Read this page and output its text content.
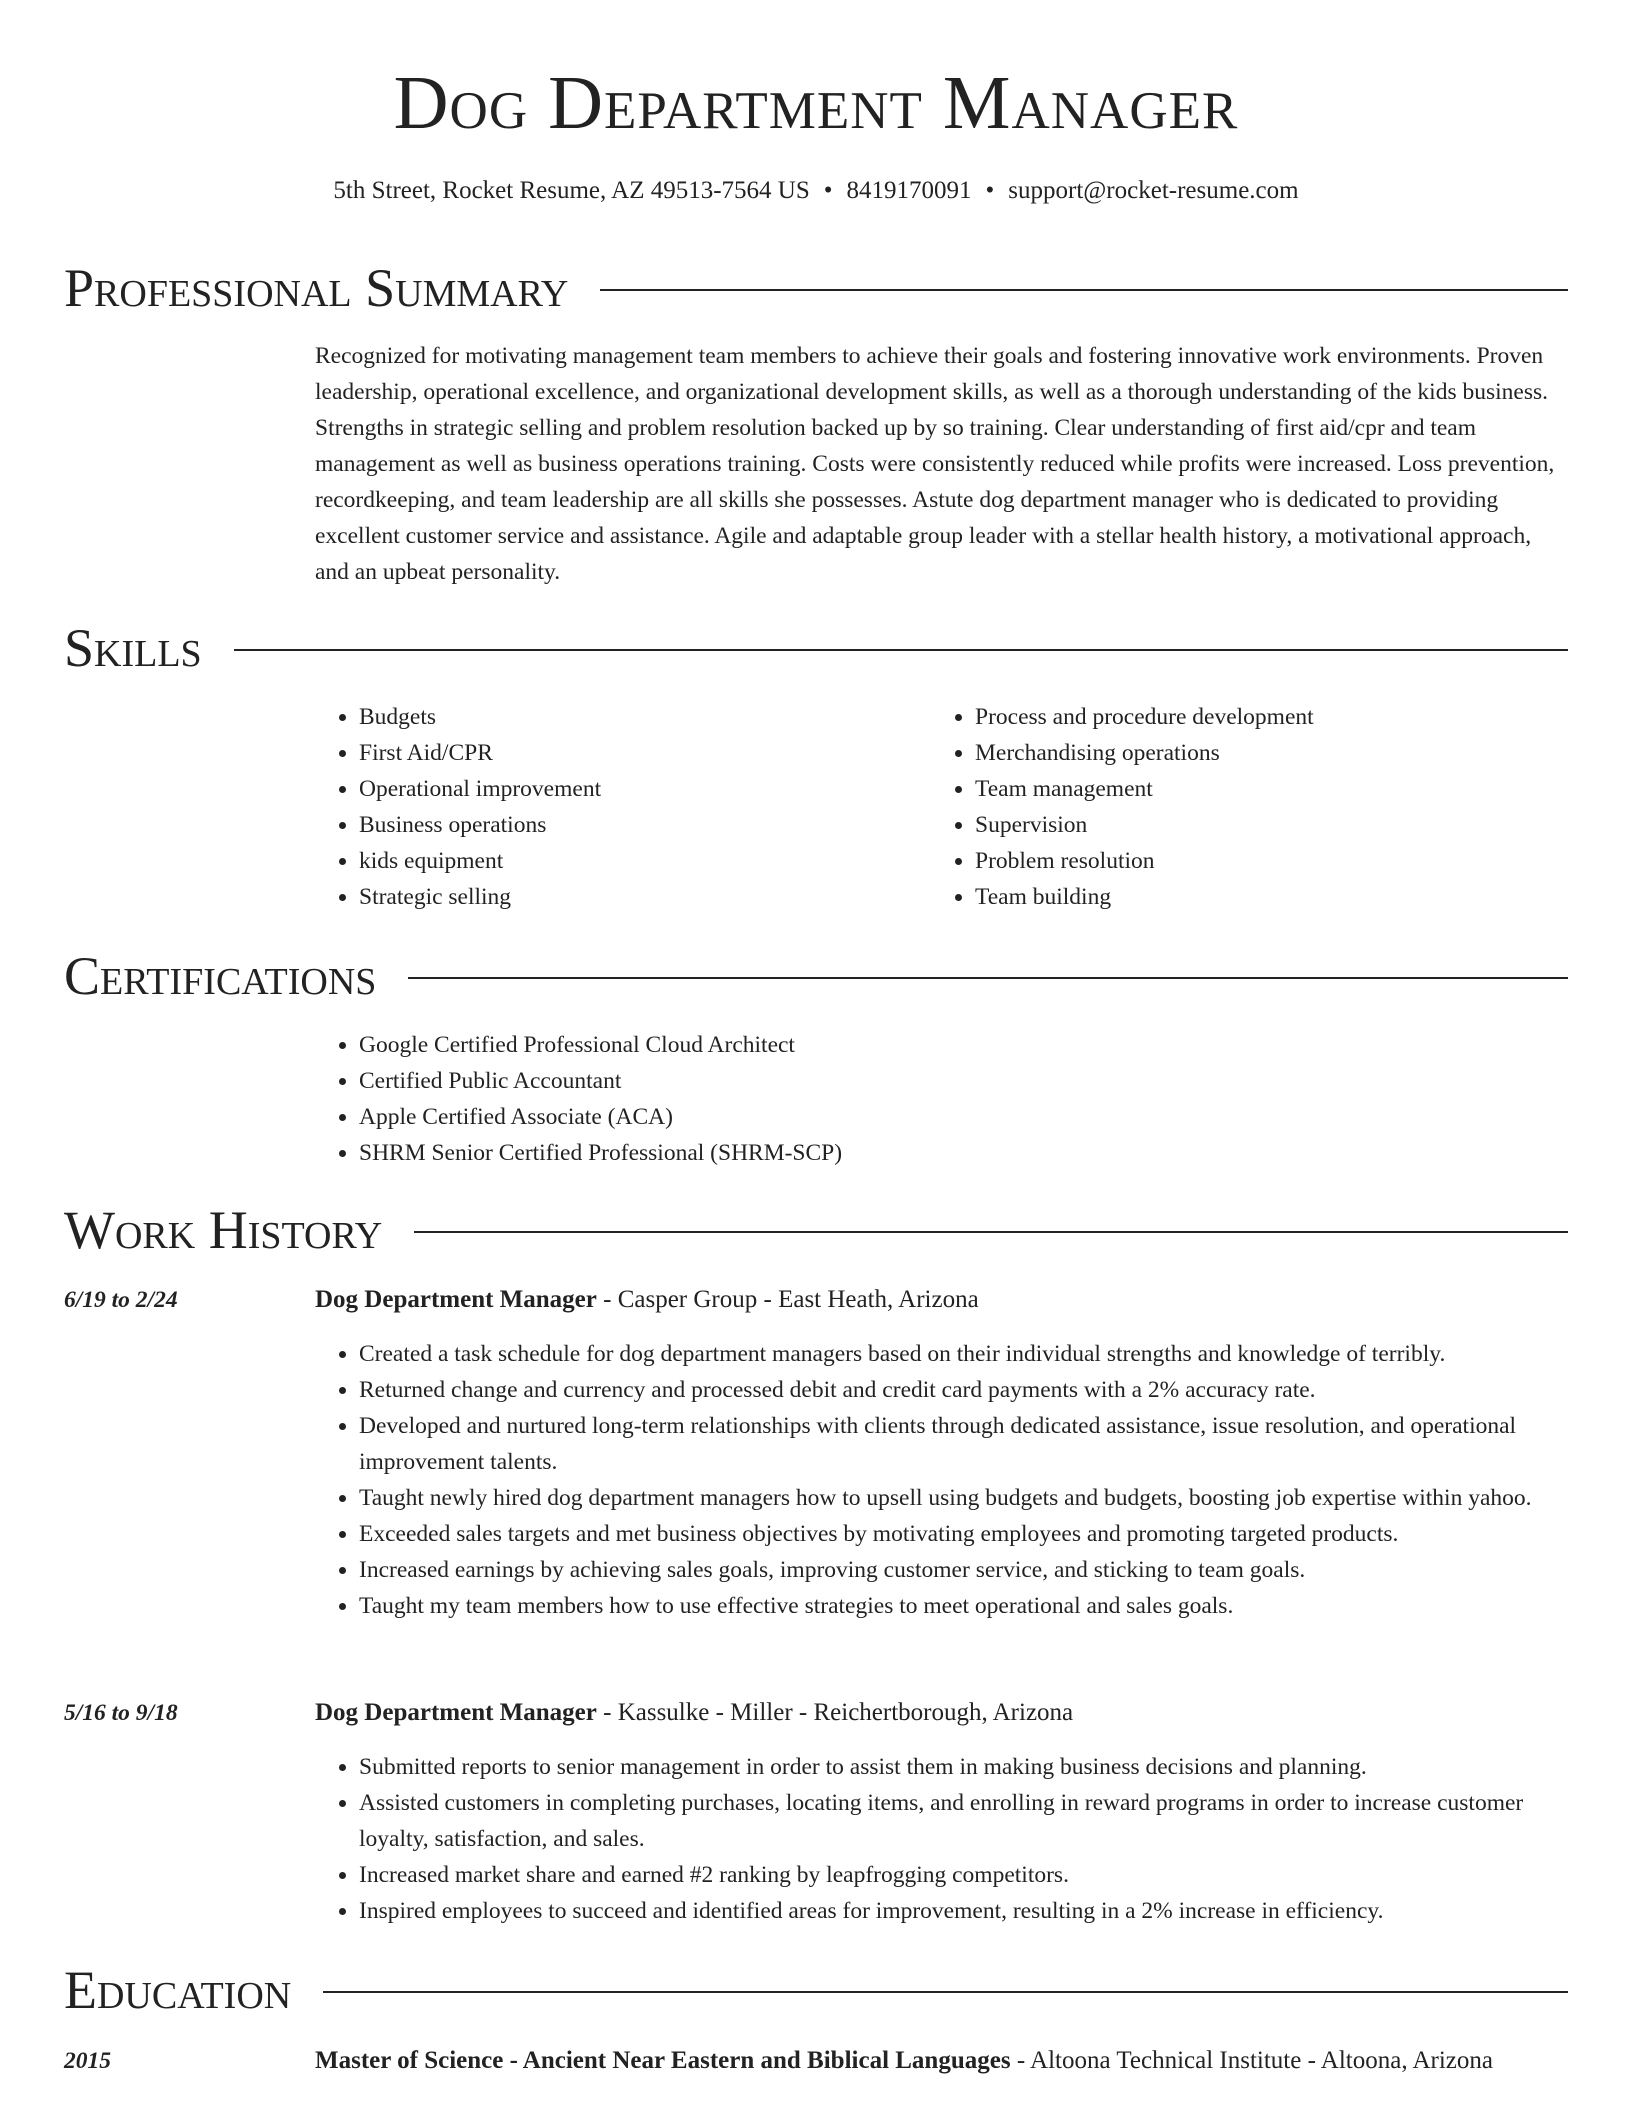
Dog Department Manager
5th Street, Rocket Resume, AZ 49513-7564 US • 8419170091 • support@rocket-resume.com
Professional Summary
Recognized for motivating management team members to achieve their goals and fostering innovative work environments. Proven leadership, operational excellence, and organizational development skills, as well as a thorough understanding of the kids business. Strengths in strategic selling and problem resolution backed up by so training. Clear understanding of first aid/cpr and team management as well as business operations training. Costs were consistently reduced while profits were increased. Loss prevention, recordkeeping, and team leadership are all skills she possesses. Astute dog department manager who is dedicated to providing excellent customer service and assistance. Agile and adaptable group leader with a stellar health history, a motivational approach, and an upbeat personality.
Skills
• Budgets
• First Aid/CPR
• Operational improvement
• Business operations
• kids equipment
• Strategic selling
• Process and procedure development
• Merchandising operations
• Team management
• Supervision
• Problem resolution
• Team building
Certifications
• Google Certified Professional Cloud Architect
• Certified Public Accountant
• Apple Certified Associate (ACA)
• SHRM Senior Certified Professional (SHRM-SCP)
Work History
6/19 to 2/24	Dog Department Manager - Casper Group - East Heath, Arizona
• Created a task schedule for dog department managers based on their individual strengths and knowledge of terribly.
• Returned change and currency and processed debit and credit card payments with a 2% accuracy rate.
• Developed and nurtured long-term relationships with clients through dedicated assistance, issue resolution, and operational improvement talents.
• Taught newly hired dog department managers how to upsell using budgets and budgets, boosting job expertise within yahoo.
• Exceeded sales targets and met business objectives by motivating employees and promoting targeted products.
• Increased earnings by achieving sales goals, improving customer service, and sticking to team goals.
• Taught my team members how to use effective strategies to meet operational and sales goals.
5/16 to 9/18	Dog Department Manager - Kassulke - Miller - Reichertborough, Arizona
• Submitted reports to senior management in order to assist them in making business decisions and planning.
• Assisted customers in completing purchases, locating items, and enrolling in reward programs in order to increase customer loyalty, satisfaction, and sales.
• Increased market share and earned #2 ranking by leapfrogging competitors.
• Inspired employees to succeed and identified areas for improvement, resulting in a 2% increase in efficiency.
Education
2015	Master of Science - Ancient Near Eastern and Biblical Languages - Altoona Technical Institute - Altoona, Arizona
